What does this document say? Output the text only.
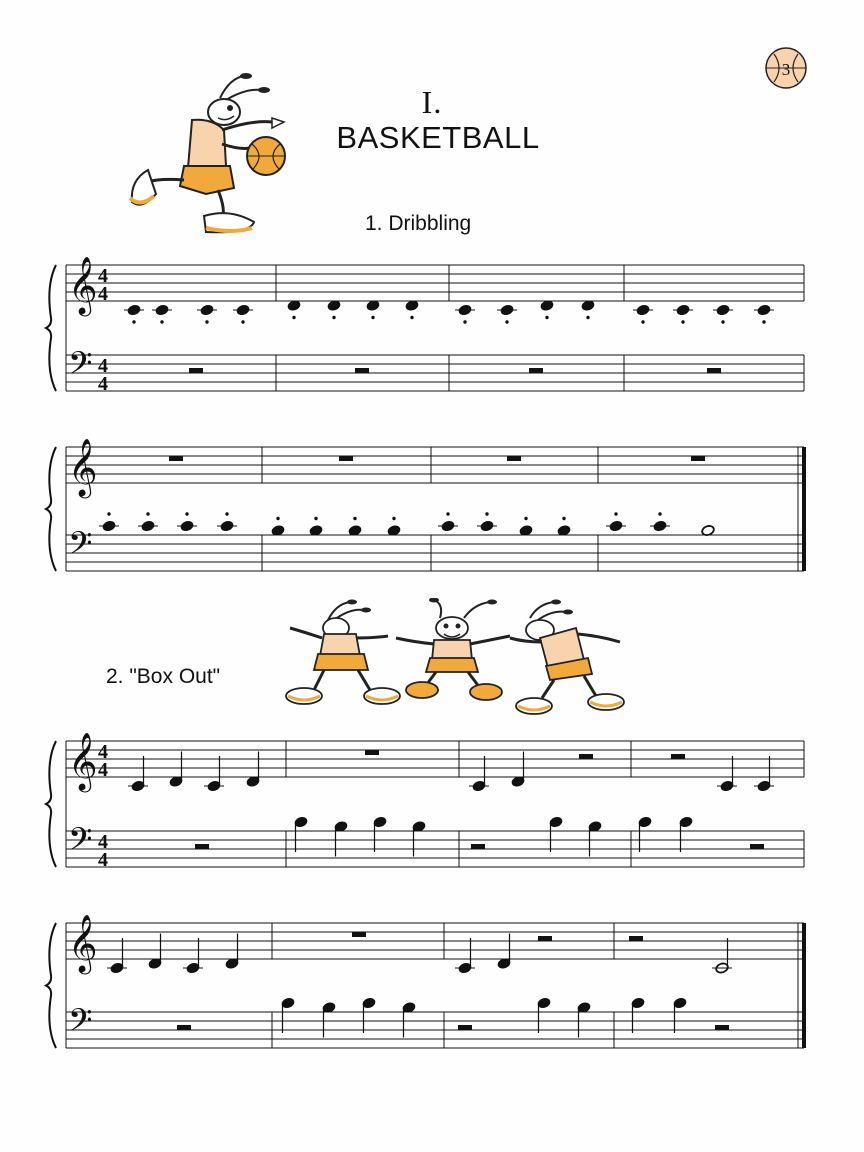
3
I.
BASKETBALL
1. Dribbling
2. "Box Out"
𝄞
𝄢
4
4
4
4
𝄞
𝄢
𝄞
𝄢
4
4
4
4
𝄞
𝄢
